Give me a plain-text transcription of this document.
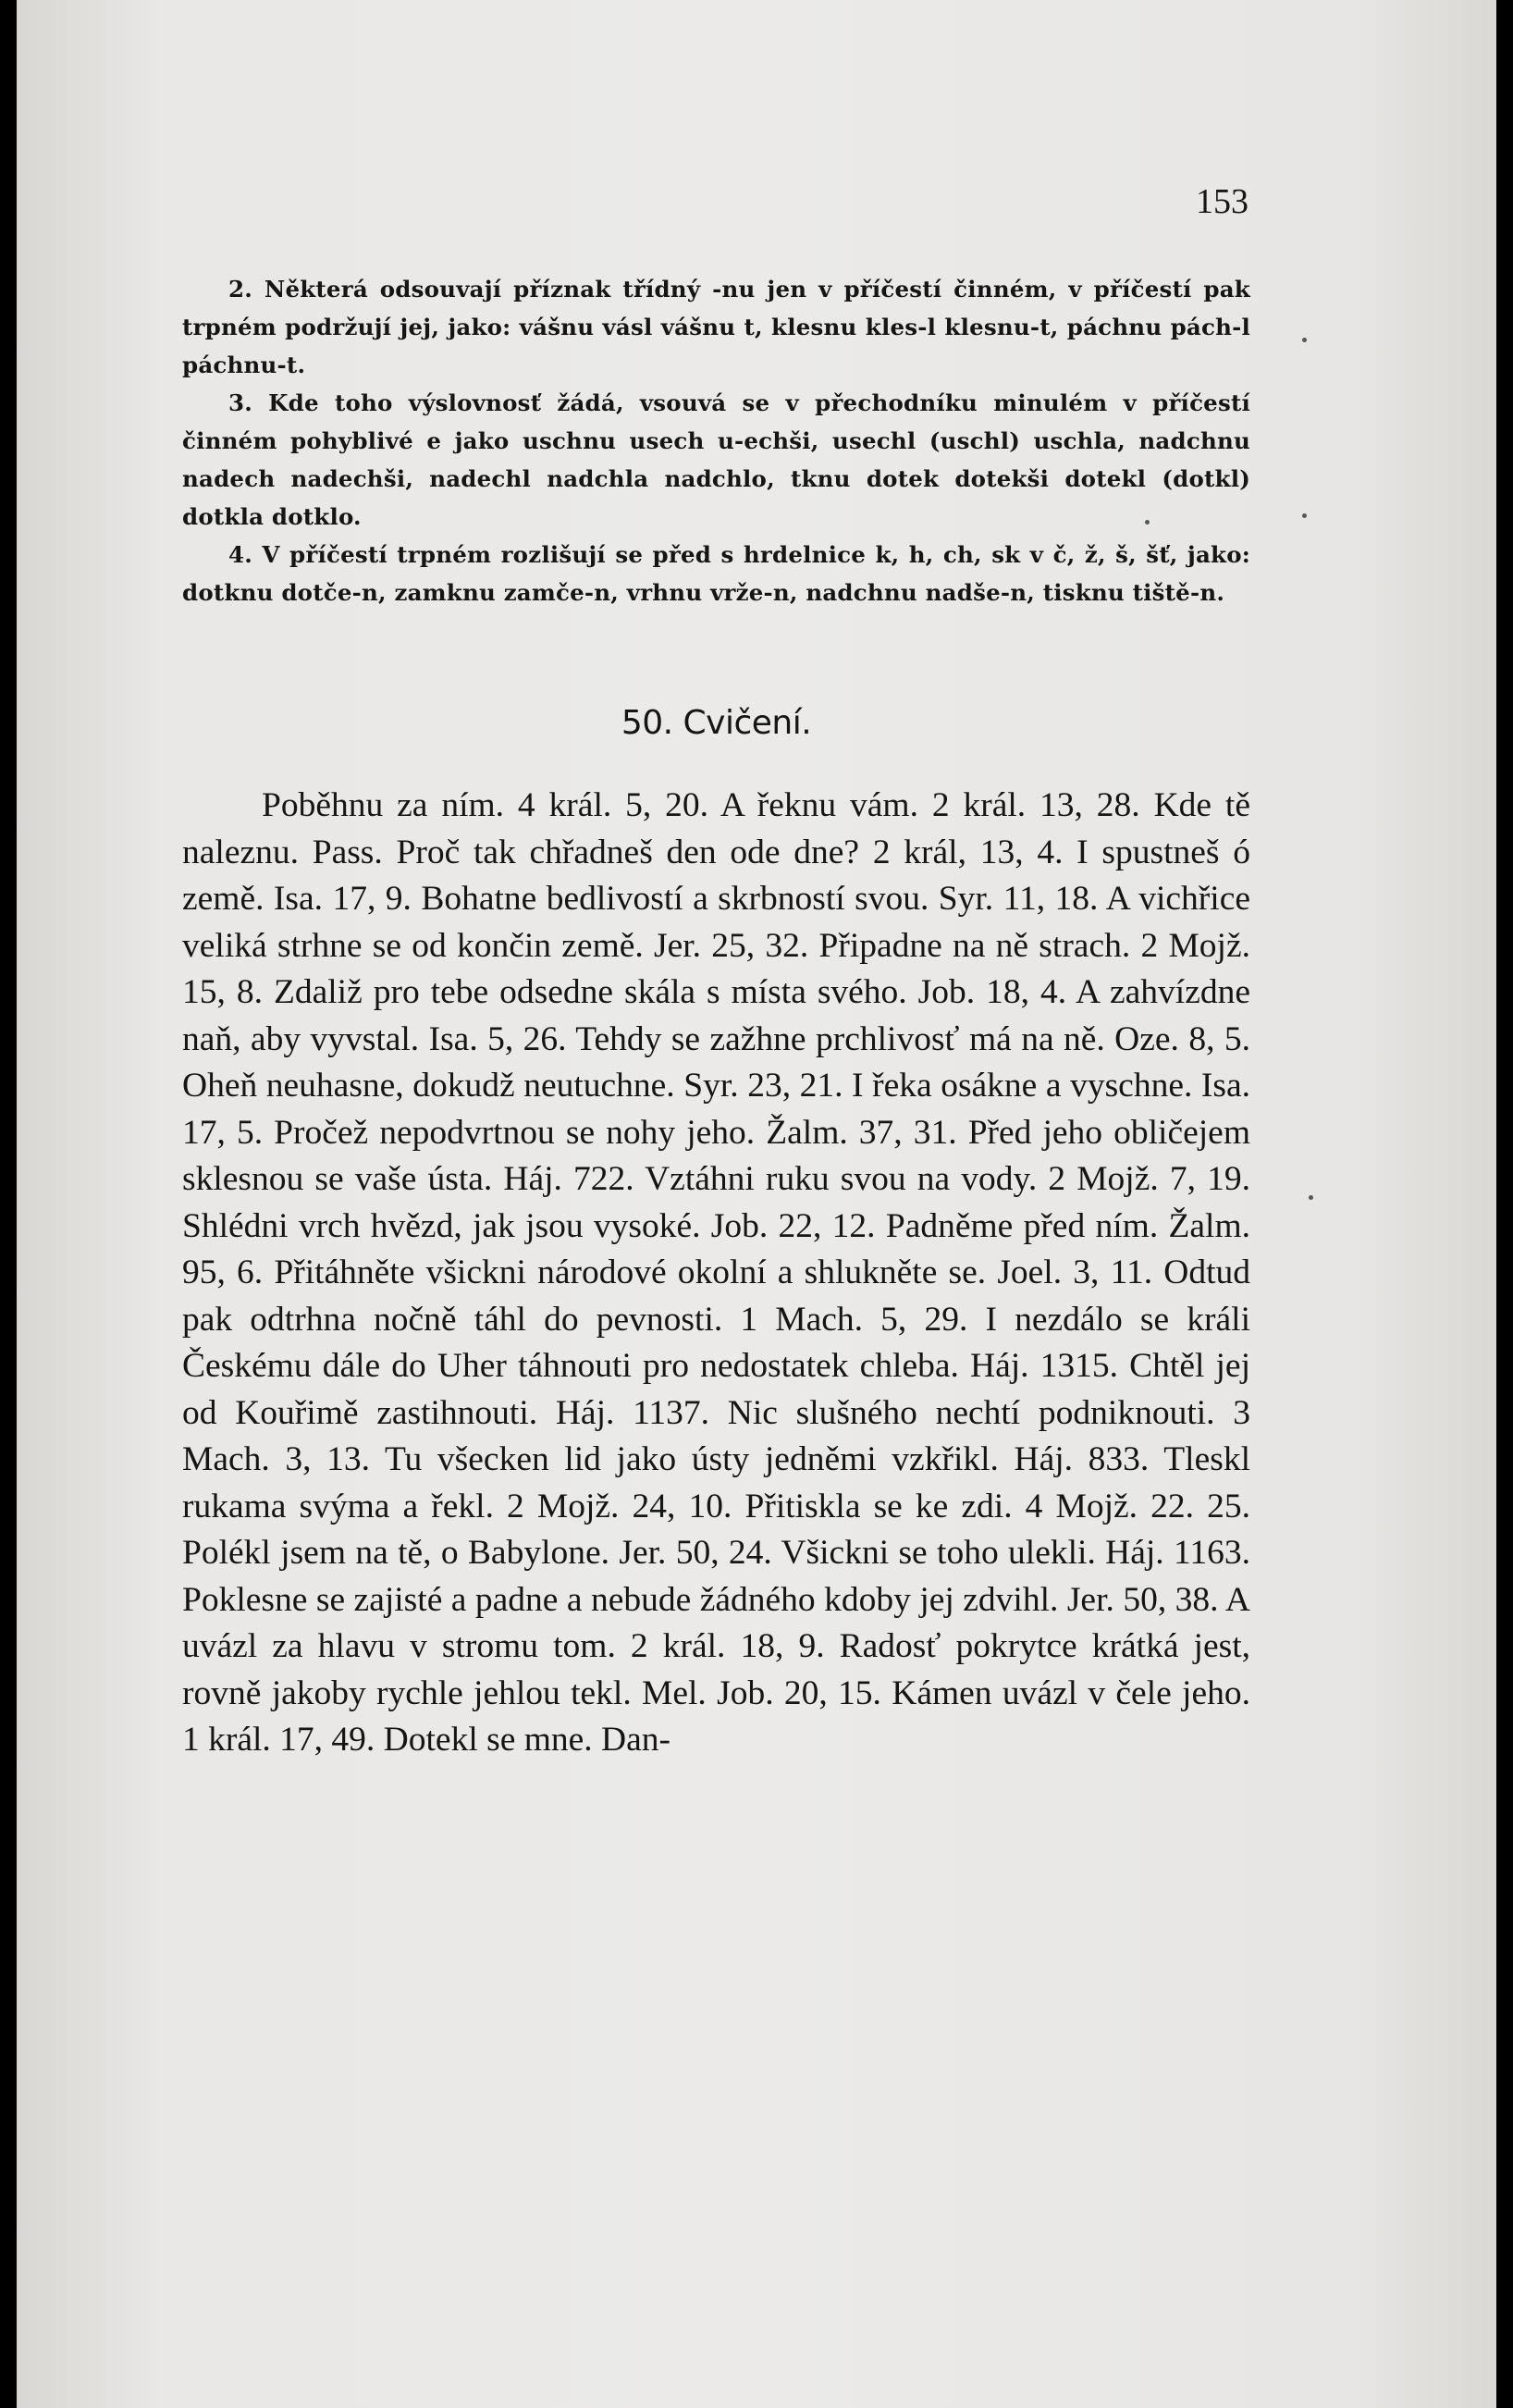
153

2. Některá odsouvají příznak třídný -nu jen v příčestí činném, v příčestí pak trpném podržují jej, jako: vášnu vásl vášnu t, klesnu kles-l klesnu-t, páchnu pách-l páchnu-t.

3. Kde toho výslovnosť žádá, vsouvá se v přechodníku minulém v příčestí činném pohyblivé e jako uschnu usech u-echši, usechl (uschl) uschla, nadchnu nadech nadechši, nadechl nadchla nadchlo, tknu dotek dotekši dotekl (dotkl) dotkla dotklo.

4. V příčestí trpném rozlišují se před s hrdelnice k, h, ch, sk v č, ž, š, šť, jako: dotknu dotče-n, zamknu zamče-n, vrhnu vrže-n, nadchnu nadše-n, tisknu tiště-n.

50. Cvičení.

Poběhnu za ním. 4 král. 5, 20. A řeknu vám. 2 král. 13, 28. Kde tě naleznu. Pass. Proč tak chřadneš den ode dne? 2 král, 13, 4. I spustneš ó země. Isa. 17, 9. Bohatne bedlivostí a skrbností svou. Syr. 11, 18. A vichřice veliká strhne se od končin země. Jer. 25, 32. Připadne na ně strach. 2 Mojž. 15, 8. Zdaliž pro tebe odsedne skála s místa svého. Job. 18, 4. A zahvízdne naň, aby vyvstal. Isa. 5, 26. Tehdy se zažhne prchlivosť má na ně. Oze. 8, 5. Oheň neuhasne, dokudž neutuchne. Syr. 23, 21. I řeka osákne a vyschne. Isa. 17, 5. Pročež nepodvrtnou se nohy jeho. Žalm. 37, 31. Před jeho obličejem sklesnou se vaše ústa. Háj. 722. Vztáhni ruku svou na vody. 2 Mojž. 7, 19. Shlédni vrch hvězd, jak jsou vysoké. Job. 22, 12. Padněme před ním. Žalm. 95, 6. Přitáhněte všickni národové okolní a shlukněte se. Joel. 3, 11. Odtud pak odtrhna nočně táhl do pevnosti. 1 Mach. 5, 29. I nezdálo se králi Českému dále do Uher táhnouti pro nedostatek chleba. Háj. 1315. Chtěl jej od Kouřimě zastihnouti. Háj. 1137. Nic slušného nechtí podniknouti. 3 Mach. 3, 13. Tu všecken lid jako ústy jedněmi vzkřikl. Háj. 833. Tleskl rukama svýma a řekl. 2 Mojž. 24, 10. Přitiskla se ke zdi. 4 Mojž. 22. 25. Polékl jsem na tě, o Babylone. Jer. 50, 24. Všickni se toho ulekli. Háj. 1163. Poklesne se zajisté a padne a nebude žádného kdoby jej zdvihl. Jer. 50, 38. A uvázl za hlavu v stromu tom. 2 král. 18, 9. Radosť pokrytce krátká jest, rovně jakoby rychle jehlou tekl. Mel. Job. 20, 15. Kámen uvázl v čele jeho. 1 král. 17, 49. Dotekl se mne. Dan-
